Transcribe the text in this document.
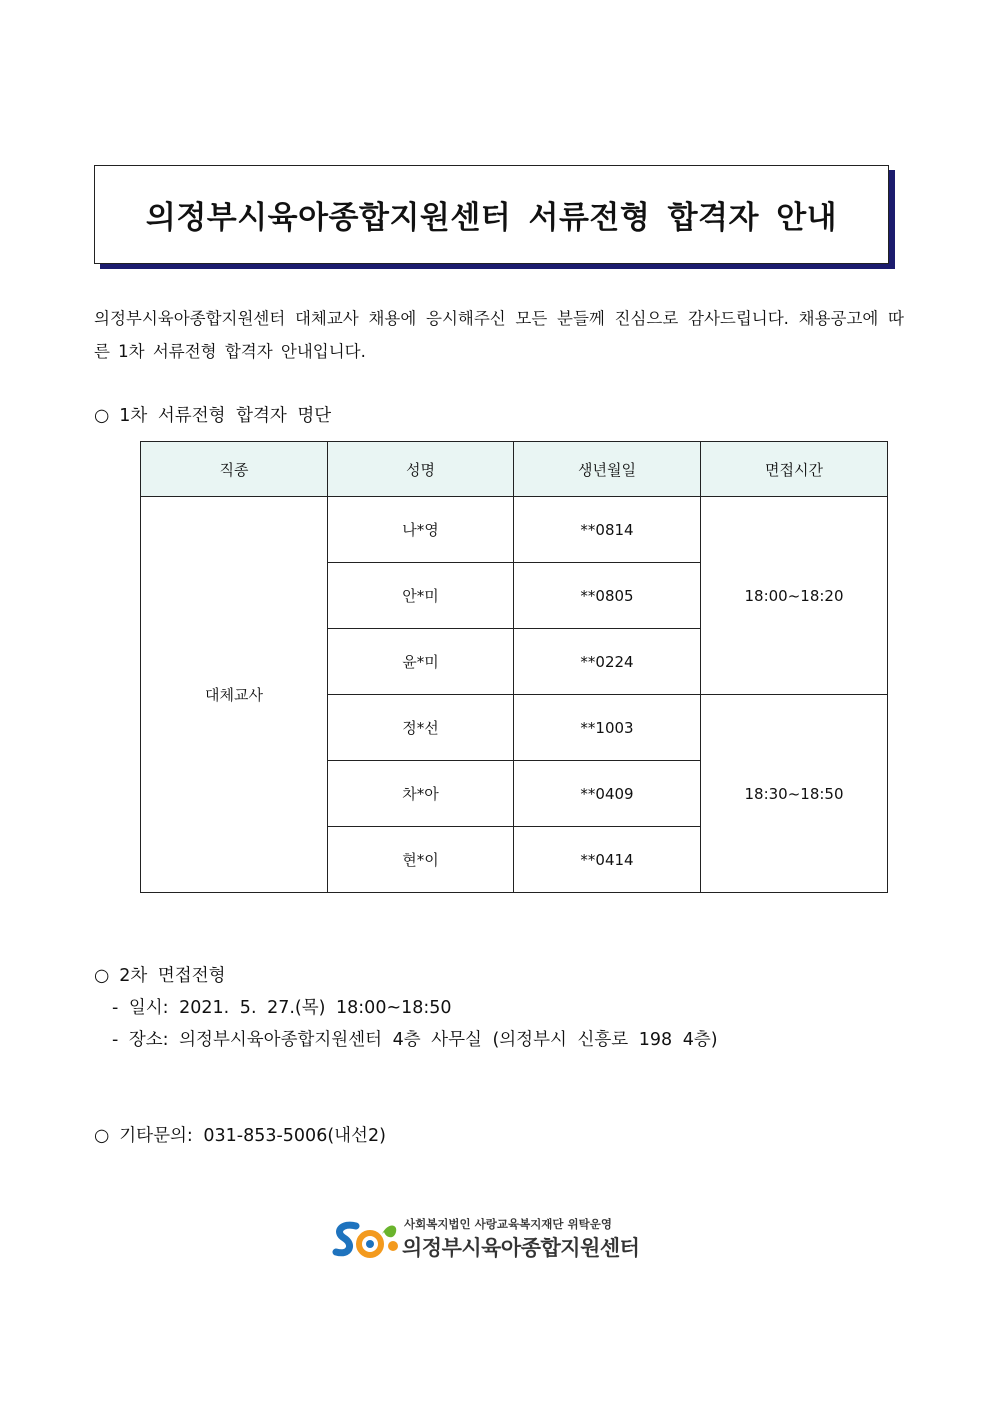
의정부시육아종합지원센터 서류전형 합격자 안내

의정부시육아종합지원센터 대체교사 채용에 응시해주신 모든 분들께 진심으로 감사드립니다. 채용공고에 따른 1차 서류전형 합격자 안내입니다.

○ 1차 서류전형 합격자 명단
직종	성명	생년월일	면접시간
대체교사	나*영	**0814	18:00~18:20
	안*미	**0805	
	윤*미	**0224	
	정*선	**1003	18:30~18:50
	차*아	**0409	
	현*이	**0414	
○ 2차 면접전형
- 일시: 2021. 5. 27.(목) 18:00~18:50
- 장소: 의정부시육아종합지원센터 4층 사무실 (의정부시 신흥로 198 4층)
○ 기타문의: 031-853-5006(내선2)
사회복지법인 사랑교육복지재단 위탁운영
의정부시육아종합지원센터
